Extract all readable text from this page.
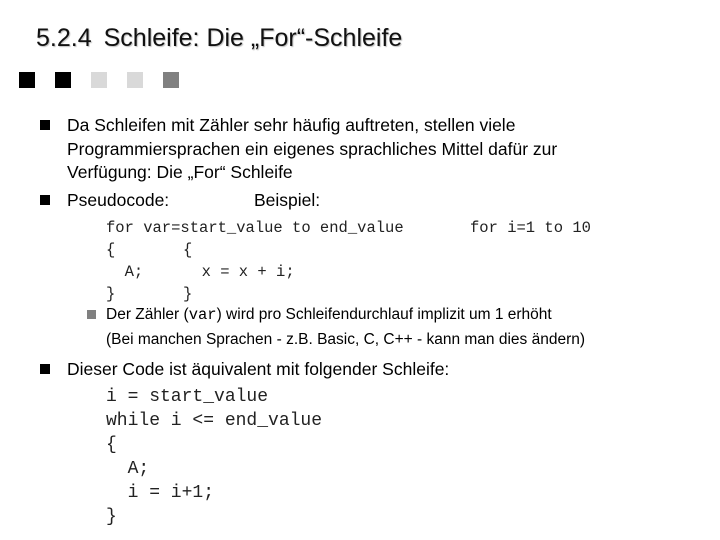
5.2.4 Schleife: Die „For“-Schleife
Da Schleifen mit Zähler sehr häufig auftreten, stellen viele
Programmiersprachen ein eigenes sprachliches Mittel dafür zur
Verfügung: Die „For“ Schleife
Pseudocode:	Beispiel:
for var=start_value to end_value
{
A;
}
for i=1 to 10
{
x = x + i;
}
Der Zähler (var) wird pro Schleifendurchlauf implizit um 1 erhöht
(Bei manchen Sprachen - z.B. Basic, C, C++ - kann man dies ändern)
Dieser Code ist äquivalent mit folgender Schleife:
i = start_value
while i <= end_value
{
A;
i = i+1;
}
